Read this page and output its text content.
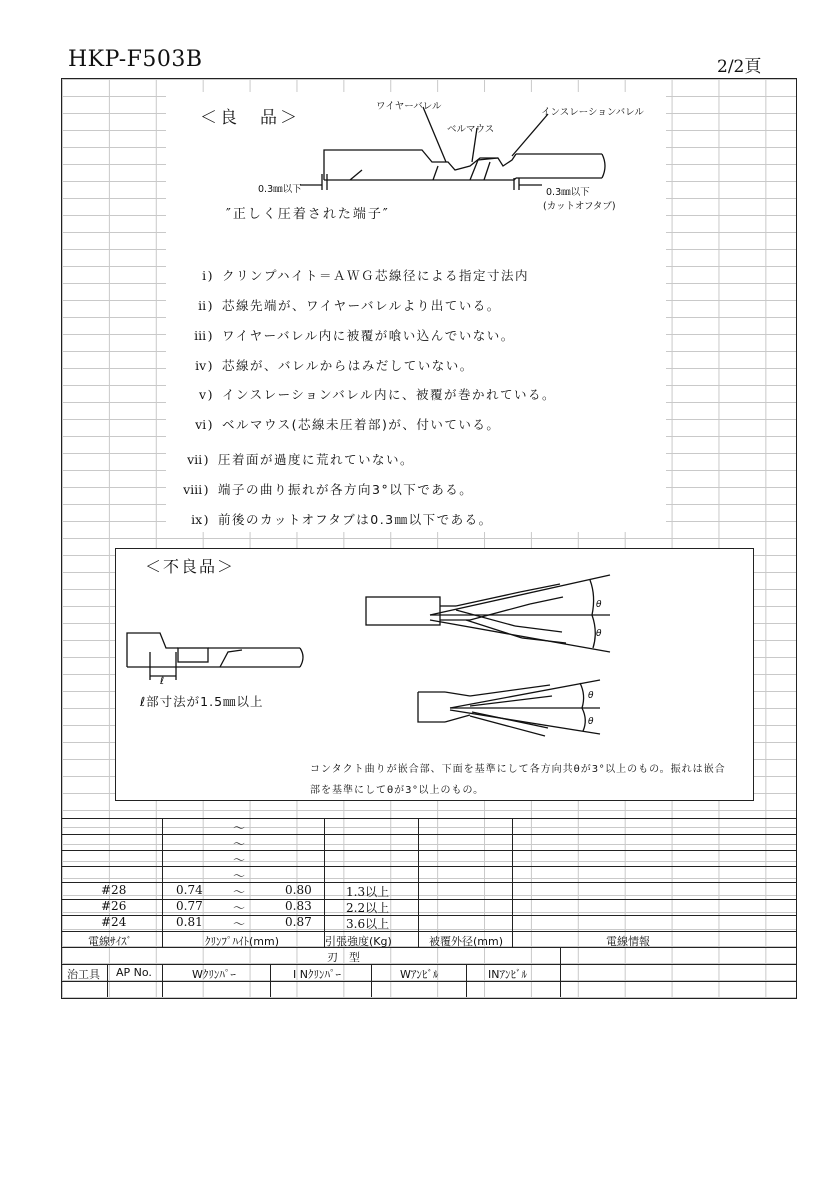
HKP-F503B	2/2頁
＜良　品＞
ワイヤーバレル
ベルマウス
インスレーションバレル
0.3㎜以下	0.3㎜以下
(カットオフタブ)
″正しく圧着された端子″
ⅰ) クリンプハイト＝ＡＷＧ芯線径による指定寸法内
ⅱ) 芯線先端が、ワイヤーバレルより出ている。
ⅲ) ワイヤーバレル内に被覆が喰い込んでいない。
ⅳ) 芯線が、バレルからはみだしていない。
ⅴ) インスレーションバレル内に、被覆が巻かれている。
ⅵ) ベルマウス(芯線未圧着部)が、付いている。
ⅶ) 圧着面が過度に荒れていない。
ⅷ) 端子の曲り振れが各方向3°以下である。
ⅸ) 前後のカットオフタブは0.3㎜以下である。
＜不良品＞
ℓ
θ
θ
θ
θ
ℓ部寸法が1.5㎜以上
コンタクト曲りが嵌合部、下面を基準にして各方向共θが3°以上のもの。振れは嵌合
部を基準にしてθが3°以上のもの。
～
～
～
～
#28	0.74	～	0.80	1.3以上
#26	0.77	～	0.83	2.2以上
#24	0.81	～	0.87	3.6以上
電線ｻｲｽﾞ	ｸﾘﾝﾌﾟﾊｲﾄ(mm)	引張強度(Kg)	被覆外径(mm)	電線情報
刃　型
治工具 AP No.	Wｸﾘﾝﾊﾟｰ	I Nｸﾘﾝﾊﾟｰ	Wｱﾝﾋﾞﾙ	INｱﾝﾋﾞﾙ
